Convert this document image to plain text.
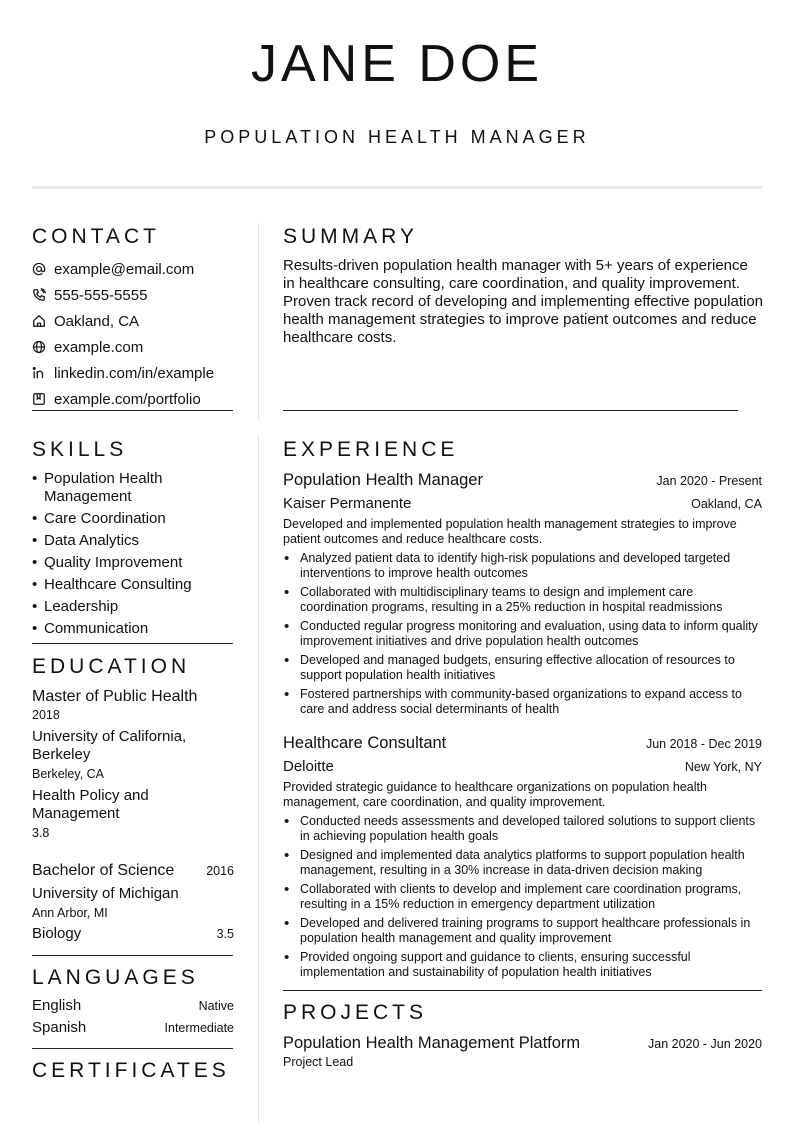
JANE DOE
POPULATION HEALTH MANAGER
CONTACT
example@email.com
555-555-5555
Oakland, CA
example.com
linkedin.com/in/example
example.com/portfolio
SUMMARY
Results-driven population health manager with 5+ years of experience in healthcare consulting, care coordination, and quality improvement. Proven track record of developing and implementing effective population health management strategies to improve patient outcomes and reduce healthcare costs.
SKILLS
• Population Health Management
• Care Coordination
• Data Analytics
• Quality Improvement
• Healthcare Consulting
• Leadership
• Communication
EDUCATION
Master of Public Health
2018
University of California, Berkeley
Berkeley, CA
Health Policy and Management
3.8
Bachelor of Science	2016
University of Michigan
Ann Arbor, MI
Biology	3.5
LANGUAGES
English	Native
Spanish	Intermediate
CERTIFICATES
EXPERIENCE
Population Health Manager	Jan 2020 - Present
Kaiser Permanente	Oakland, CA
Developed and implemented population health management strategies to improve patient outcomes and reduce healthcare costs.
• Analyzed patient data to identify high-risk populations and developed targeted interventions to improve health outcomes
• Collaborated with multidisciplinary teams to design and implement care coordination programs, resulting in a 25% reduction in hospital readmissions
• Conducted regular progress monitoring and evaluation, using data to inform quality improvement initiatives and drive population health outcomes
• Developed and managed budgets, ensuring effective allocation of resources to support population health initiatives
• Fostered partnerships with community-based organizations to expand access to care and address social determinants of health
Healthcare Consultant	Jun 2018 - Dec 2019
Deloitte	New York, NY
Provided strategic guidance to healthcare organizations on population health management, care coordination, and quality improvement.
• Conducted needs assessments and developed tailored solutions to support clients in achieving population health goals
• Designed and implemented data analytics platforms to support population health management, resulting in a 30% increase in data-driven decision making
• Collaborated with clients to develop and implement care coordination programs, resulting in a 15% reduction in emergency department utilization
• Developed and delivered training programs to support healthcare professionals in population health management and quality improvement
• Provided ongoing support and guidance to clients, ensuring successful implementation and sustainability of population health initiatives
PROJECTS
Population Health Management Platform	Jan 2020 - Jun 2020
Project Lead
